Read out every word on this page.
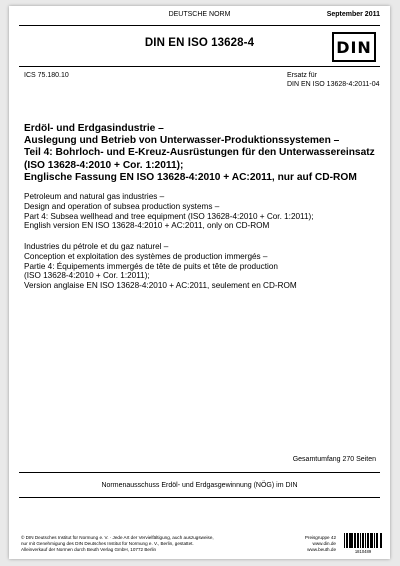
DEUTSCHE NORM	September 2011
DIN EN ISO 13628-4	DIN
ICS 75.180.10	Ersatz für
DIN EN ISO 13628-4:2011-04
Erdöl- und Erdgasindustrie –
Auslegung und Betrieb von Unterwasser-Produktionssystemen –
Teil 4: Bohrloch- und E-Kreuz-Ausrüstungen für den Unterwassereinsatz
(ISO 13628-4:2010 + Cor. 1:2011);
Englische Fassung EN ISO 13628-4:2010 + AC:2011, nur auf CD-ROM
Petroleum and natural gas industries –
Design and operation of subsea production systems –
Part 4: Subsea wellhead and tree equipment (ISO 13628-4:2010 + Cor. 1:2011);
English version EN ISO 13628-4:2010 + AC:2011, only on CD-ROM
Industries du pétrole et du gaz naturel –
Conception et exploitation des systèmes de production immergés –
Partie 4: Équipements immergés de tête de puits et tête de production
(ISO 13628-4:2010 + Cor. 1:2011);
Version anglaise EN ISO 13628-4:2010 + AC:2011, seulement en CD-ROM
Gesamtumfang 270 Seiten
Normenausschuss Erdöl- und Erdgasgewinnung (NÖG) im DIN
© DIN Deutsches Institut für Normung e. V. · Jede Art der Vervielfältigung, auch auszugsweise,
nur mit Genehmigung des DIN Deutsches Institut für Normung e. V., Berlin, gestattet.
Alleinverkauf der Normen durch Beuth Verlag GmbH, 10772 Berlin
Preisgruppe 42
www.din.de
www.beuth.de	1810489
